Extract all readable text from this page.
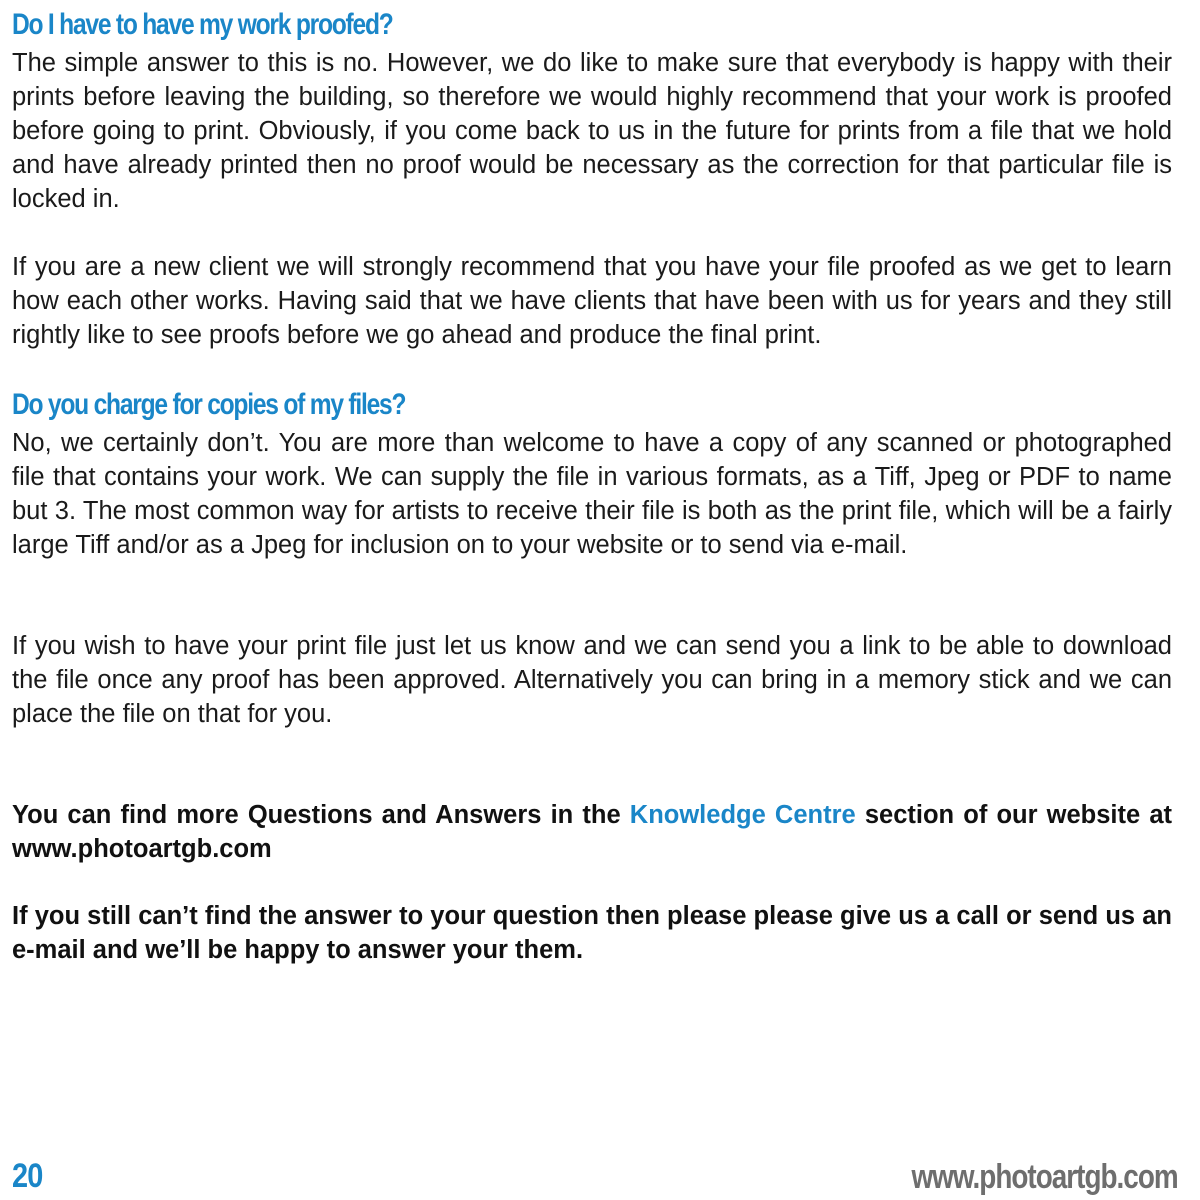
Do I have to have my work proofed?

The simple answer to this is no. However, we do like to make sure that everybody is happy with their prints before leaving the building, so therefore we would highly recommend that your work is proofed before going to print. Obviously, if you come back to us in the future for prints from a file that we hold and have already printed then no proof would be necessary as the correction for that particular file is locked in.

If you are a new client we will strongly recommend that you have your file proofed as we get to learn how each other works. Having said that we have clients that have been with us for years and they still rightly like to see proofs before we go ahead and produce the final print.

Do you charge for copies of my files?

No, we certainly don’t. You are more than welcome to have a copy of any scanned or photographed file that contains your work. We can supply the file in various formats, as a Tiff, Jpeg or PDF to name but 3. The most common way for artists to receive their file is both as the print file, which will be a fairly large Tiff and/or as a Jpeg for inclusion on to your website or to send via e-mail.

If you wish to have your print file just let us know and we can send you a link to be able to download the file once any proof has been approved. Alternatively you can bring in a memory stick and we can place the file on that for you.

You can find more Questions and Answers in the Knowledge Centre section of our website at www.photoartgb.com

If you still can’t find the answer to your question then please please give us a call or send us an e-mail and we’ll be happy to answer your them.

20	www.photoartgb.com
